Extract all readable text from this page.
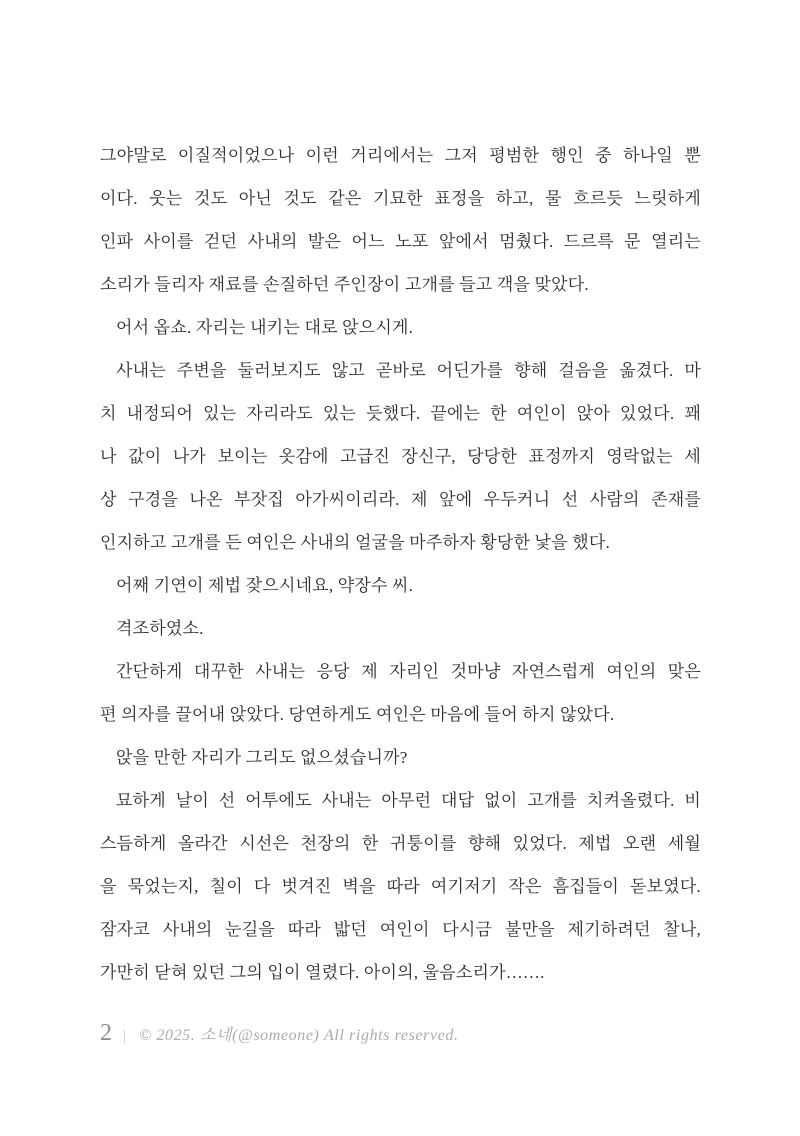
그야말로 이질적이었으나 이런 거리에서는 그저 평범한 행인 중 하나일 뿐

이다. 웃는 것도 아닌 것도 같은 기묘한 표정을 하고, 물 흐르듯 느릿하게

인파 사이를 걷던 사내의 발은 어느 노포 앞에서 멈췄다. 드르륵 문 열리는

소리가 들리자 재료를 손질하던 주인장이 고개를 들고 객을 맞았다.

어서 옵쇼. 자리는 내키는 대로 앉으시게.

사내는 주변을 둘러보지도 않고 곧바로 어딘가를 향해 걸음을 옮겼다. 마

치 내정되어 있는 자리라도 있는 듯했다. 끝에는 한 여인이 앉아 있었다. 꽤

나 값이 나가 보이는 옷감에 고급진 장신구, 당당한 표정까지 영락없는 세

상 구경을 나온 부잣집 아가씨이리라. 제 앞에 우두커니 선 사람의 존재를

인지하고 고개를 든 여인은 사내의 얼굴을 마주하자 황당한 낯을 했다.

어째 기연이 제법 잦으시네요, 약장수 씨.

격조하였소.

간단하게 대꾸한 사내는 응당 제 자리인 것마냥 자연스럽게 여인의 맞은

편 의자를 끌어내 앉았다. 당연하게도 여인은 마음에 들어 하지 않았다.

앉을 만한 자리가 그리도 없으셨습니까?

묘하게 날이 선 어투에도 사내는 아무런 대답 없이 고개를 치켜올렸다. 비

스듬하게 올라간 시선은 천장의 한 귀퉁이를 향해 있었다. 제법 오랜 세월

을 묵었는지, 칠이 다 벗겨진 벽을 따라 여기저기 작은 흠집들이 돋보였다.

잠자코 사내의 눈길을 따라 밟던 여인이 다시금 불만을 제기하려던 찰나,

가만히 닫혀 있던 그의 입이 열렸다. 아이의, 울음소리가…….

2 | © 2025. 소네(@someone) All rights reserved.
